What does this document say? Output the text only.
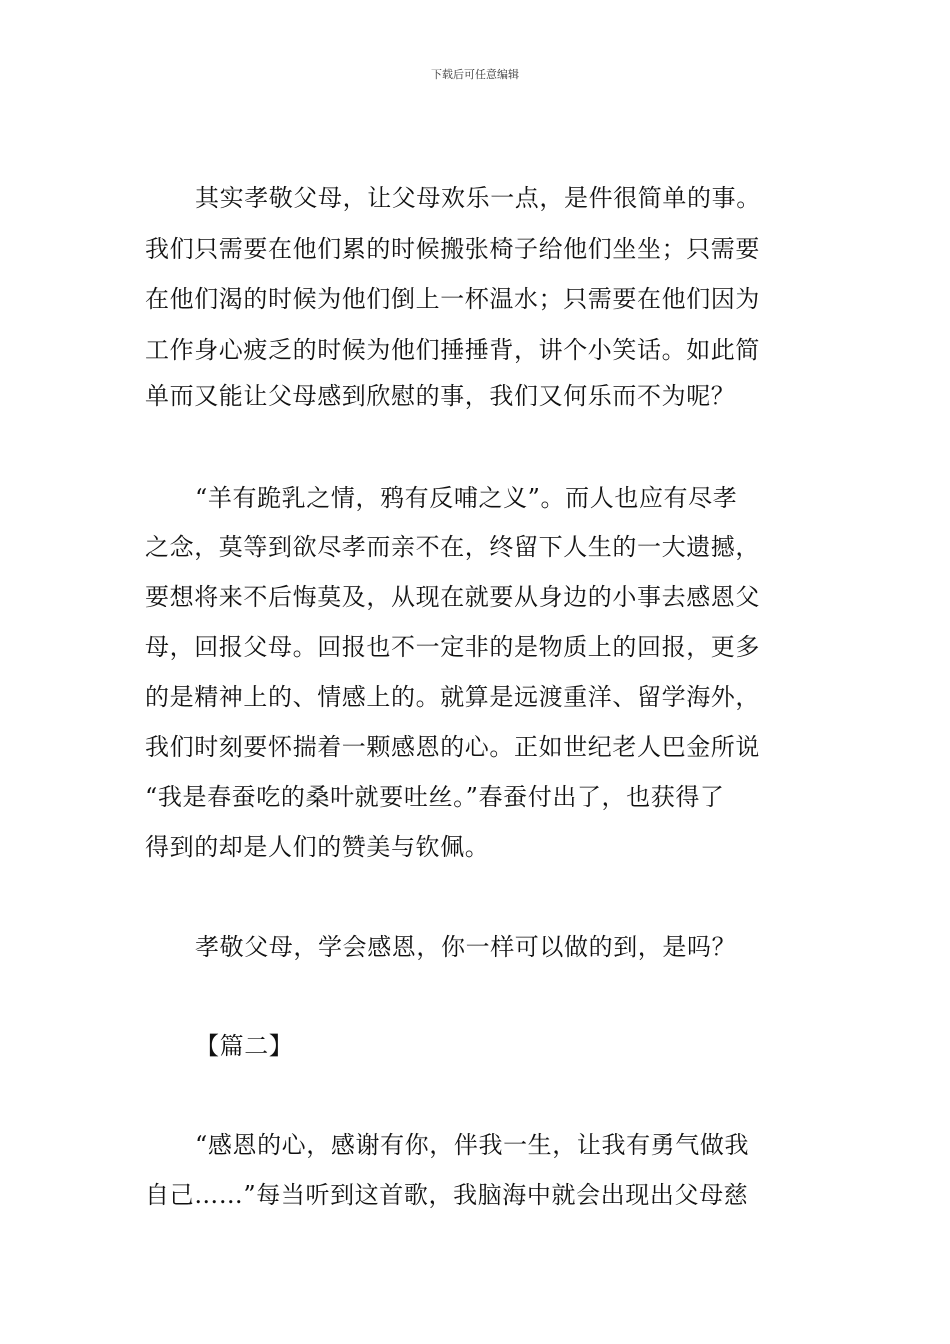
下载后可任意编辑
其实孝敬父母，让父母欢乐一点，是件很简单的事。
我们只需要在他们累的时候搬张椅子给他们坐坐；只需要
在他们渴的时候为他们倒上一杯温水；只需要在他们因为
工作身心疲乏的时候为他们捶捶背，讲个小笑话。如此简
单而又能让父母感到欣慰的事，我们又何乐而不为呢？
“羊有跪乳之情，鸦有反哺之义”。而人也应有尽孝
之念，莫等到欲尽孝而亲不在，终留下人生的一大遗撼，
要想将来不后悔莫及，从现在就要从身边的小事去感恩父
母，回报父母。回报也不一定非的是物质上的回报，更多
的是精神上的、情感上的。就算是远渡重洋、留学海外，
我们时刻要怀揣着一颗感恩的心。正如世纪老人巴金所说
“我是春蚕吃的桑叶就要吐丝。”春蚕付出了，也获得了
得到的却是人们的赞美与钦佩。
孝敬父母，学会感恩，你一样可以做的到，是吗？
【篇二】
“感恩的心，感谢有你，伴我一生，让我有勇气做我
自己……”每当听到这首歌，我脑海中就会出现出父母慈
